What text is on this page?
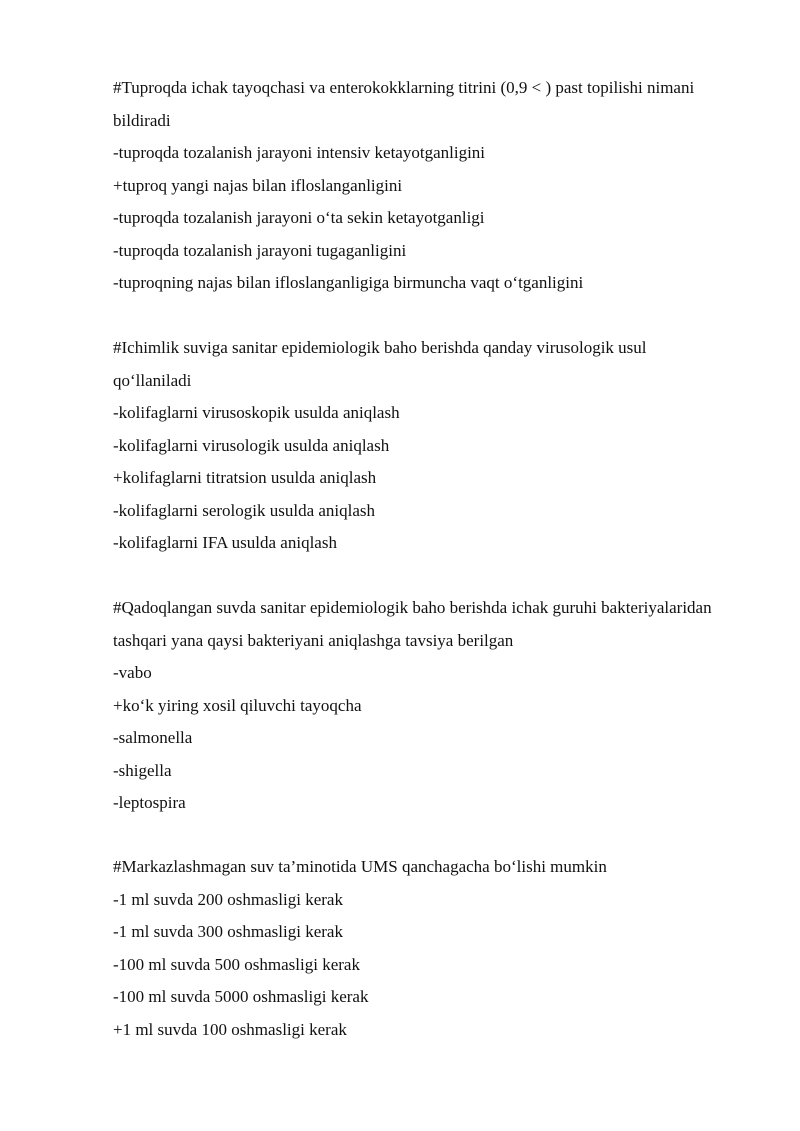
#Tuproqda ichak tayoqchasi va enterokokklarning titrini (0,9 < ) past topilishi nimani bildiradi

-tuproqda tozalanish jarayoni intensiv ketayotganligini
+tuproq yangi najas bilan ifloslanganligini
-tuproqda tozalanish jarayoni o‘ta sekin ketayotganligi
-tuproqda tozalanish jarayoni tugaganligini
-tuproqning najas bilan ifloslanganligiga birmuncha vaqt o‘tganligini

#Ichimlik suviga sanitar epidemiologik baho berishda qanday virusologik usul qo‘llaniladi

-kolifaglarni virusoskopik usulda aniqlash
-kolifaglarni virusologik usulda aniqlash
+kolifaglarni titratsion usulda aniqlash
-kolifaglarni serologik usulda aniqlash
-kolifaglarni IFA usulda aniqlash

#Qadoqlangan suvda sanitar epidemiologik baho berishda ichak guruhi bakteriyalaridan tashqari yana qaysi bakteriyani aniqlashga tavsiya berilgan

-vabo
+ko‘k yiring xosil qiluvchi tayoqcha
-salmonella
-shigella
-leptospira

#Markazlashmagan suv ta’minotida UMS qanchagacha bo‘lishi mumkin

-1 ml suvda 200 oshmasligi kerak
-1 ml suvda 300 oshmasligi kerak
-100 ml suvda 500 oshmasligi kerak
-100 ml suvda 5000 oshmasligi kerak
+1 ml suvda 100 oshmasligi kerak
